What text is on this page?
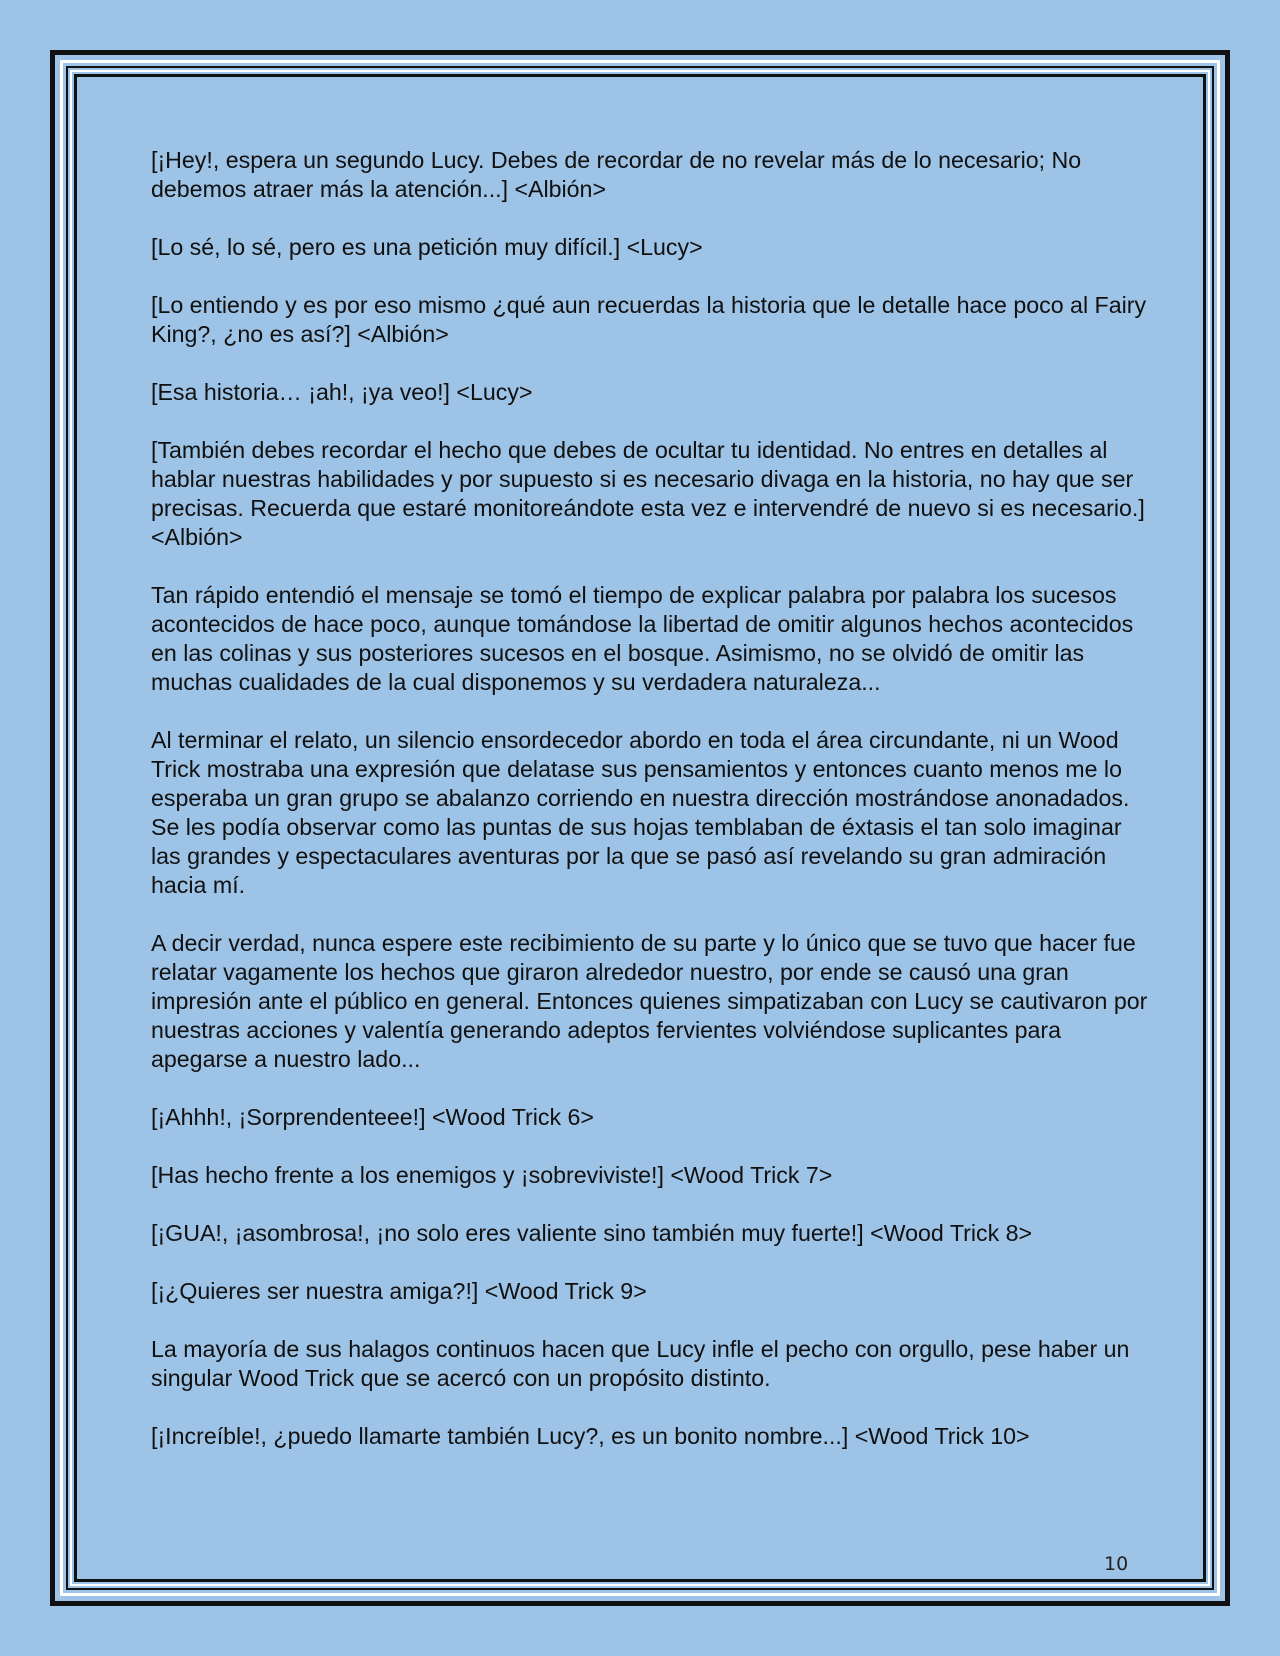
[¡Hey!, espera un segundo Lucy. Debes de recordar de no revelar más de lo necesario; No debemos atraer más la atención...] <Albión>

[Lo sé, lo sé, pero es una petición muy difícil.] <Lucy>

[Lo entiendo y es por eso mismo ¿qué aun recuerdas la historia que le detalle hace poco al Fairy King?, ¿no es así?] <Albión>

[Esa historia… ¡ah!, ¡ya veo!] <Lucy>

[También debes recordar el hecho que debes de ocultar tu identidad. No entres en detalles al hablar nuestras habilidades y por supuesto si es necesario divaga en la historia, no hay que ser precisas. Recuerda que estaré monitoreándote esta vez e intervendré de nuevo si es necesario.] <Albión>

Tan rápido entendió el mensaje se tomó el tiempo de explicar palabra por palabra los sucesos acontecidos de hace poco, aunque tomándose la libertad de omitir algunos hechos acontecidos en las colinas y sus posteriores sucesos en el bosque. Asimismo, no se olvidó de omitir las muchas cualidades de la cual disponemos y su verdadera naturaleza...

Al terminar el relato, un silencio ensordecedor abordo en toda el área circundante, ni un Wood Trick mostraba una expresión que delatase sus pensamientos y entonces cuanto menos me lo esperaba un gran grupo se abalanzo corriendo en nuestra dirección mostrándose anonadados. Se les podía observar como las puntas de sus hojas temblaban de éxtasis el tan solo imaginar las grandes y espectaculares aventuras por la que se pasó así revelando su gran admiración hacia mí.

A decir verdad, nunca espere este recibimiento de su parte y lo único que se tuvo que hacer fue relatar vagamente los hechos que giraron alrededor nuestro, por ende se causó una gran impresión ante el público en general. Entonces quienes simpatizaban con Lucy se cautivaron por nuestras acciones y valentía generando adeptos fervientes volviéndose suplicantes para apegarse a nuestro lado...

[¡Ahhh!, ¡Sorprendenteee!] <Wood Trick 6>

[Has hecho frente a los enemigos y ¡sobreviviste!] <Wood Trick 7>

[¡GUA!, ¡asombrosa!, ¡no solo eres valiente sino también muy fuerte!] <Wood Trick 8>

[¡¿Quieres ser nuestra amiga?!] <Wood Trick 9>

La mayoría de sus halagos continuos hacen que Lucy infle el pecho con orgullo, pese haber un singular Wood Trick que se acercó con un propósito distinto.

[¡Increíble!, ¿puedo llamarte también Lucy?, es un bonito nombre...] <Wood Trick 10>

10
